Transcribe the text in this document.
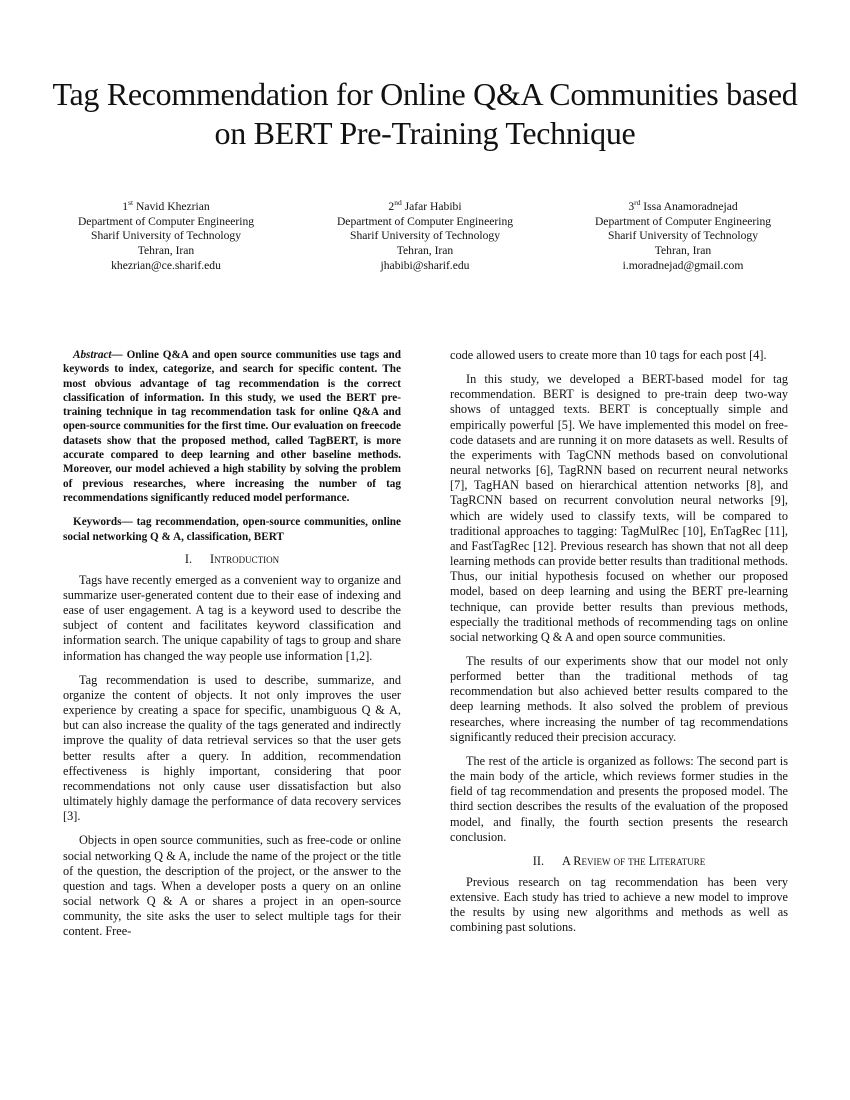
Tag Recommendation for Online Q&A Communities based on BERT Pre-Training Technique
1st Navid Khezrian
Department of Computer Engineering
Sharif University of Technology
Tehran, Iran
khezrian@ce.sharif.edu
2nd Jafar Habibi
Department of Computer Engineering
Sharif University of Technology
Tehran, Iran
jhabibi@sharif.edu
3rd Issa Anamoradnejad
Department of Computer Engineering
Sharif University of Technology
Tehran, Iran
i.moradnejad@gmail.com

Abstract— Online Q&A and open source communities use tags and keywords to index, categorize, and search for specific content. The most obvious advantage of tag recommendation is the correct classification of information. In this study, we used the BERT pre-training technique in tag recommendation task for online Q&A and open-source communities for the first time. Our evaluation on freecode datasets show that the proposed method, called TagBERT, is more accurate compared to deep learning and other baseline methods. Moreover, our model achieved a high stability by solving the problem of previous researches, where increasing the number of tag recommendations significantly reduced model performance.

Keywords— tag recommendation, open-source communities, online social networking Q & A, classification, BERT

I. Introduction

Tags have recently emerged as a convenient way to organize and summarize user-generated content due to their ease of indexing and ease of user engagement. A tag is a keyword used to describe the subject of content and facilitates keyword classification and information search. The unique capability of tags to group and share information has changed the way people use information [1,2].

Tag recommendation is used to describe, summarize, and organize the content of objects. It not only improves the user experience by creating a space for specific, unambiguous Q & A, but can also increase the quality of the tags generated and indirectly improve the quality of data retrieval services so that the user gets better results after a query. In addition, recommendation effectiveness is highly important, considering that poor recommendations not only cause user dissatisfaction but also ultimately highly damage the performance of data recovery services [3].

Objects in open source communities, such as free-code or online social networking Q & A, include the name of the project or the title of the question, the description of the project, or the answer to the question and tags. When a developer posts a query on an online social network Q & A or shares a project in an open-source community, the site asks the user to select multiple tags for their content. Free-

code allowed users to create more than 10 tags for each post [4].

In this study, we developed a BERT-based model for tag recommendation. BERT is designed to pre-train deep two-way shows of untagged texts. BERT is conceptually simple and empirically powerful [5]. We have implemented this model on free-code datasets and are running it on more datasets as well. Results of the experiments with TagCNN methods based on convolutional neural networks [6], TagRNN based on recurrent neural networks [7], TagHAN based on hierarchical attention networks [8], and TagRCNN based on recurrent convolution neural networks [9], which are widely used to classify texts, will be compared to traditional approaches to tagging: TagMulRec [10], EnTagRec [11], and FastTagRec [12]. Previous research has shown that not all deep learning methods can provide better results than traditional methods. Thus, our initial hypothesis focused on whether our proposed model, based on deep learning and using the BERT pre-learning technique, can provide better results than previous methods, especially the traditional methods of recommending tags on online social networking Q & A and open source communities.

The results of our experiments show that our model not only performed better than the traditional methods of tag recommendation but also achieved better results compared to the deep learning methods. It also solved the problem of previous researches, where increasing the number of tag recommendations significantly reduced their precision accuracy.

The rest of the article is organized as follows: The second part is the main body of the article, which reviews former studies in the field of tag recommendation and presents the proposed model. The third section describes the results of the evaluation of the proposed model, and finally, the fourth section presents the research conclusion.

II. A Review of the Literature

Previous research on tag recommendation has been very extensive. Each study has tried to achieve a new model to improve the results by using new algorithms and methods as well as combining past solutions.
